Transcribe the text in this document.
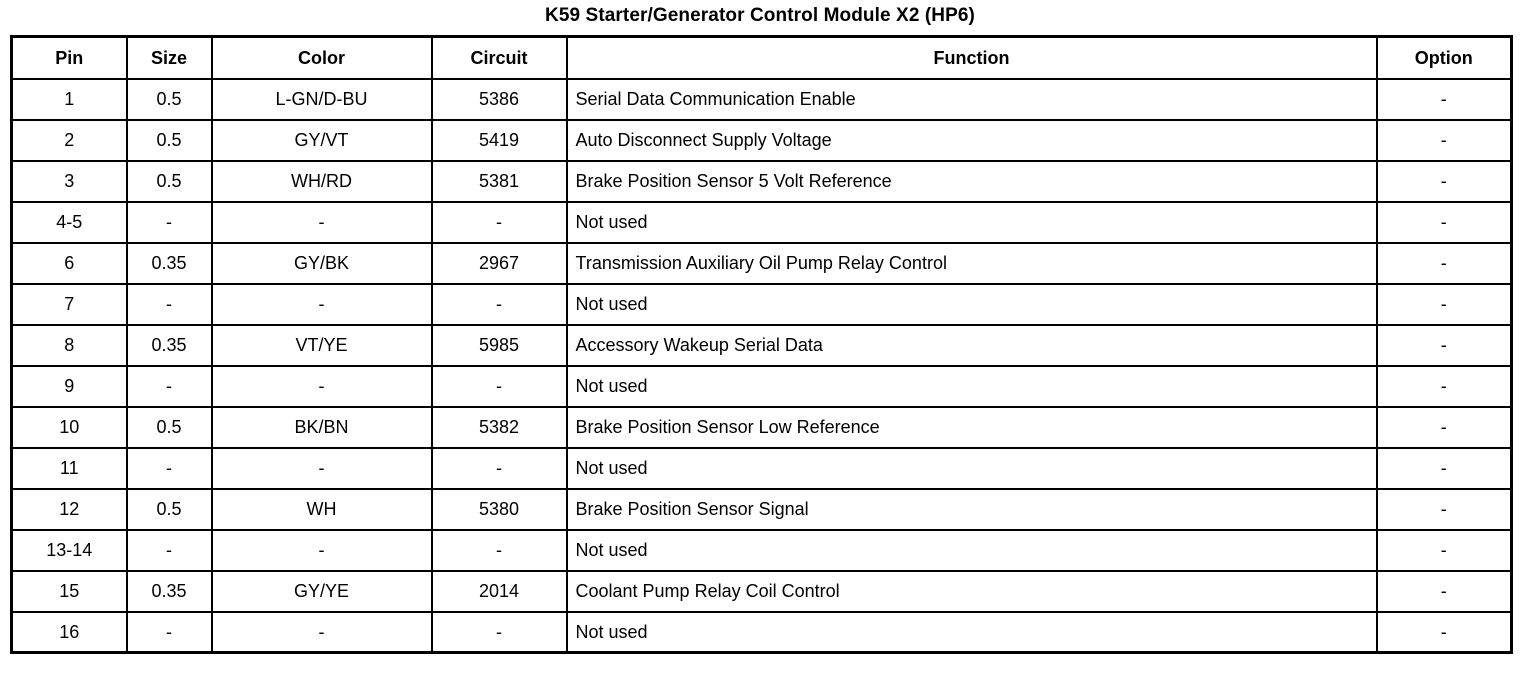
K59 Starter/Generator Control Module X2 (HP6)
Pin	Size	Color	Circuit	Function	Option
1	0.5	L-GN/D-BU	5386	Serial Data Communication Enable	-
2	0.5	GY/VT	5419	Auto Disconnect Supply Voltage	-
3	0.5	WH/RD	5381	Brake Position Sensor 5 Volt Reference	-
4-5	-	-	-	Not used	-
6	0.35	GY/BK	2967	Transmission Auxiliary Oil Pump Relay Control	-
7	-	-	-	Not used	-
8	0.35	VT/YE	5985	Accessory Wakeup Serial Data	-
9	-	-	-	Not used	-
10	0.5	BK/BN	5382	Brake Position Sensor Low Reference	-
11	-	-	-	Not used	-
12	0.5	WH	5380	Brake Position Sensor Signal	-
13-14	-	-	-	Not used	-
15	0.35	GY/YE	2014	Coolant Pump Relay Coil Control	-
16	-	-	-	Not used	-
